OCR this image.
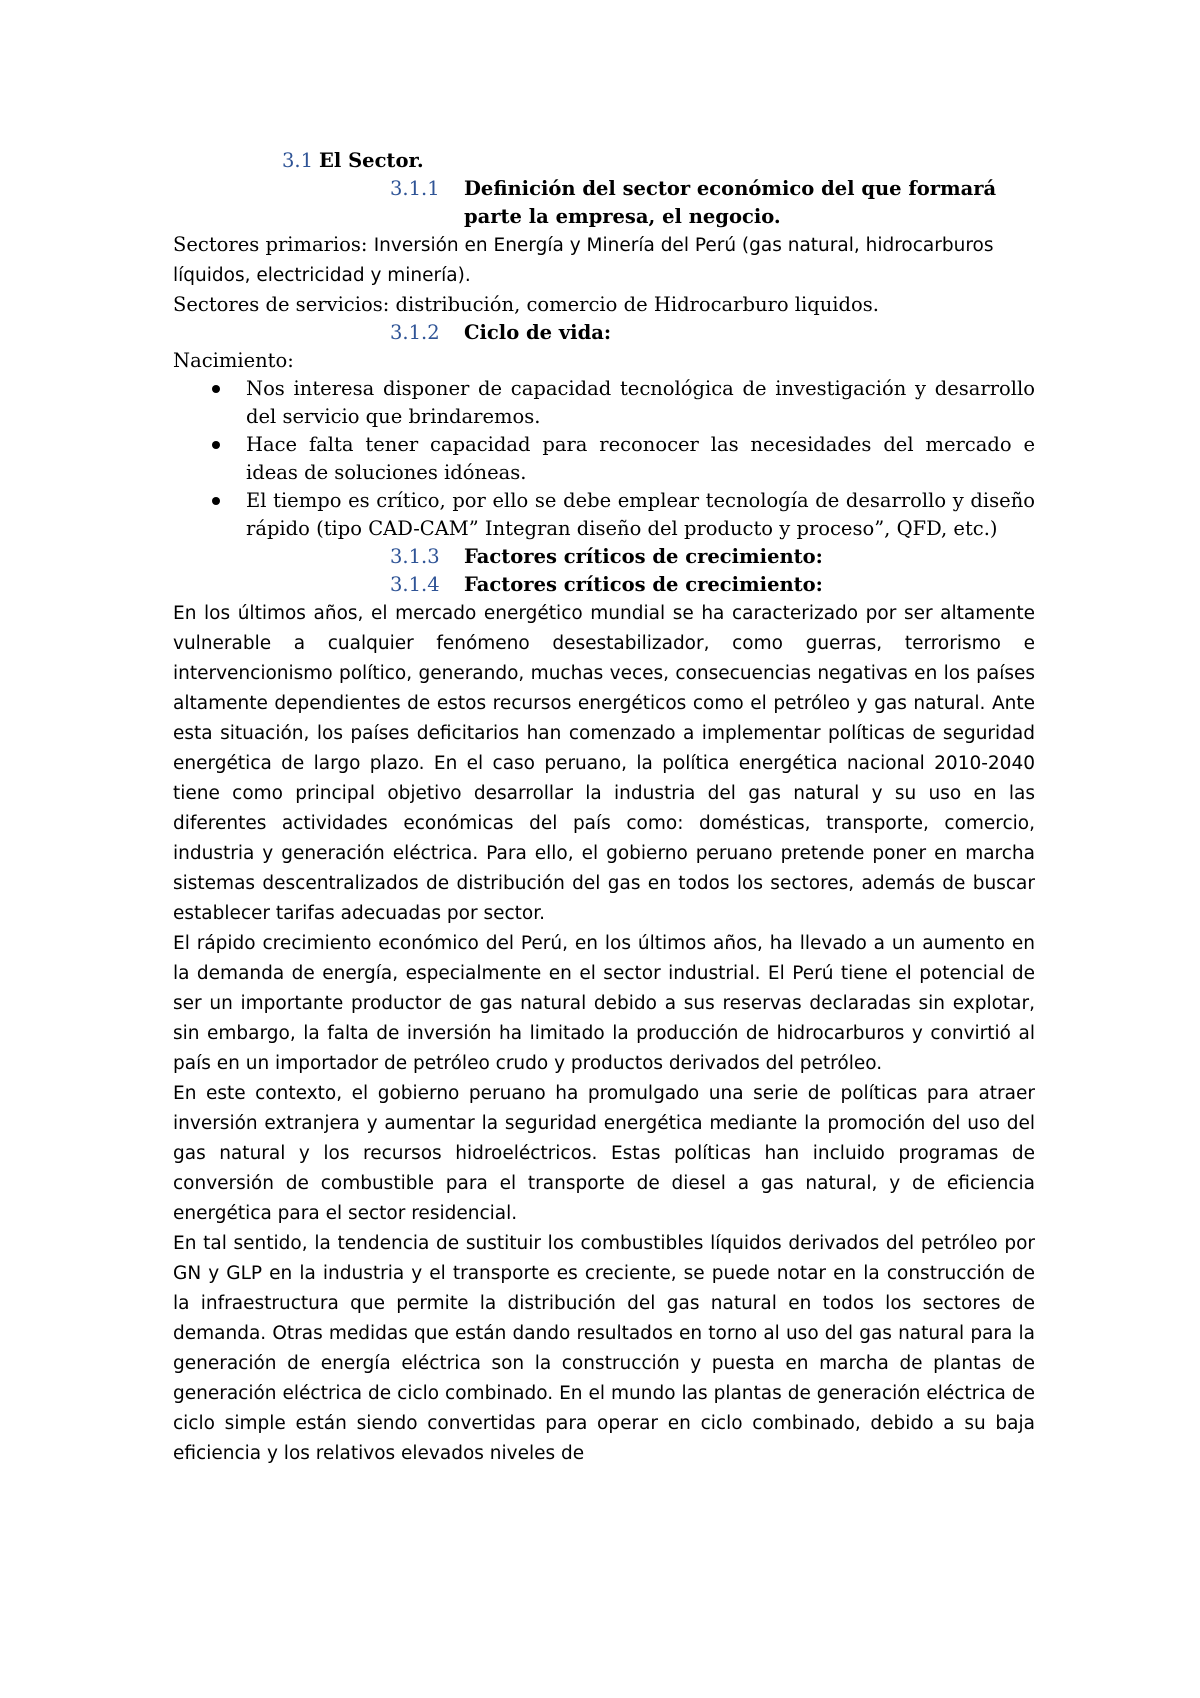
3.1 El Sector.
3.1.1	Definición del sector económico del que formará parte la empresa, el negocio.

Sectores primarios: Inversión en Energía y Minería del Perú (gas natural, hidrocarburos líquidos, electricidad y minería).

Sectores de servicios: distribución, comercio de Hidrocarburo liquidos.

3.1.2	Ciclo de vida:

Nacimiento:

Nos interesa disponer de capacidad tecnológica de investigación y desarrollo del servicio que brindaremos.
Hace falta tener capacidad para reconocer las necesidades del mercado e ideas de soluciones idóneas.
El tiempo es crítico, por ello se debe emplear tecnología de desarrollo y diseño rápido (tipo CAD-CAM” Integran diseño del producto y proceso”, QFD, etc.)
3.1.3	Factores críticos de crecimiento:
3.1.4	Factores críticos de crecimiento:

En los últimos años, el mercado energético mundial se ha caracterizado por ser altamente vulnerable a cualquier fenómeno desestabilizador, como guerras, terrorismo e intervencionismo político, generando, muchas veces, consecuencias negativas en los países altamente dependientes de estos recursos energéticos como el petróleo y gas natural. Ante esta situación, los países deficitarios han comenzado a implementar políticas de seguridad energética de largo plazo. En el caso peruano, la política energética nacional 2010-2040 tiene como principal objetivo desarrollar la industria del gas natural y su uso en las diferentes actividades económicas del país como: domésticas, transporte, comercio, industria y generación eléctrica. Para ello, el gobierno peruano pretende poner en marcha sistemas descentralizados de distribución del gas en todos los sectores, además de buscar establecer tarifas adecuadas por sector.

El rápido crecimiento económico del Perú, en los últimos años, ha llevado a un aumento en la demanda de energía, especialmente en el sector industrial. El Perú tiene el potencial de ser un importante productor de gas natural debido a sus reservas declaradas sin explotar, sin embargo, la falta de inversión ha limitado la producción de hidrocarburos y convirtió al país en un importador de petróleo crudo y productos derivados del petróleo.

En este contexto, el gobierno peruano ha promulgado una serie de políticas para atraer inversión extranjera y aumentar la seguridad energética mediante la promoción del uso del gas natural y los recursos hidroeléctricos. Estas políticas han incluido programas de conversión de combustible para el transporte de diesel a gas natural, y de eficiencia energética para el sector residencial.

En tal sentido, la tendencia de sustituir los combustibles líquidos derivados del petróleo por GN y GLP en la industria y el transporte es creciente, se puede notar en la construcción de la infraestructura que permite la distribución del gas natural en todos los sectores de demanda. Otras medidas que están dando resultados en torno al uso del gas natural para la generación de energía eléctrica son la construcción y puesta en marcha de plantas de generación eléctrica de ciclo combinado. En el mundo las plantas de generación eléctrica de ciclo simple están siendo convertidas para operar en ciclo combinado, debido a su baja eficiencia y los relativos elevados niveles de
